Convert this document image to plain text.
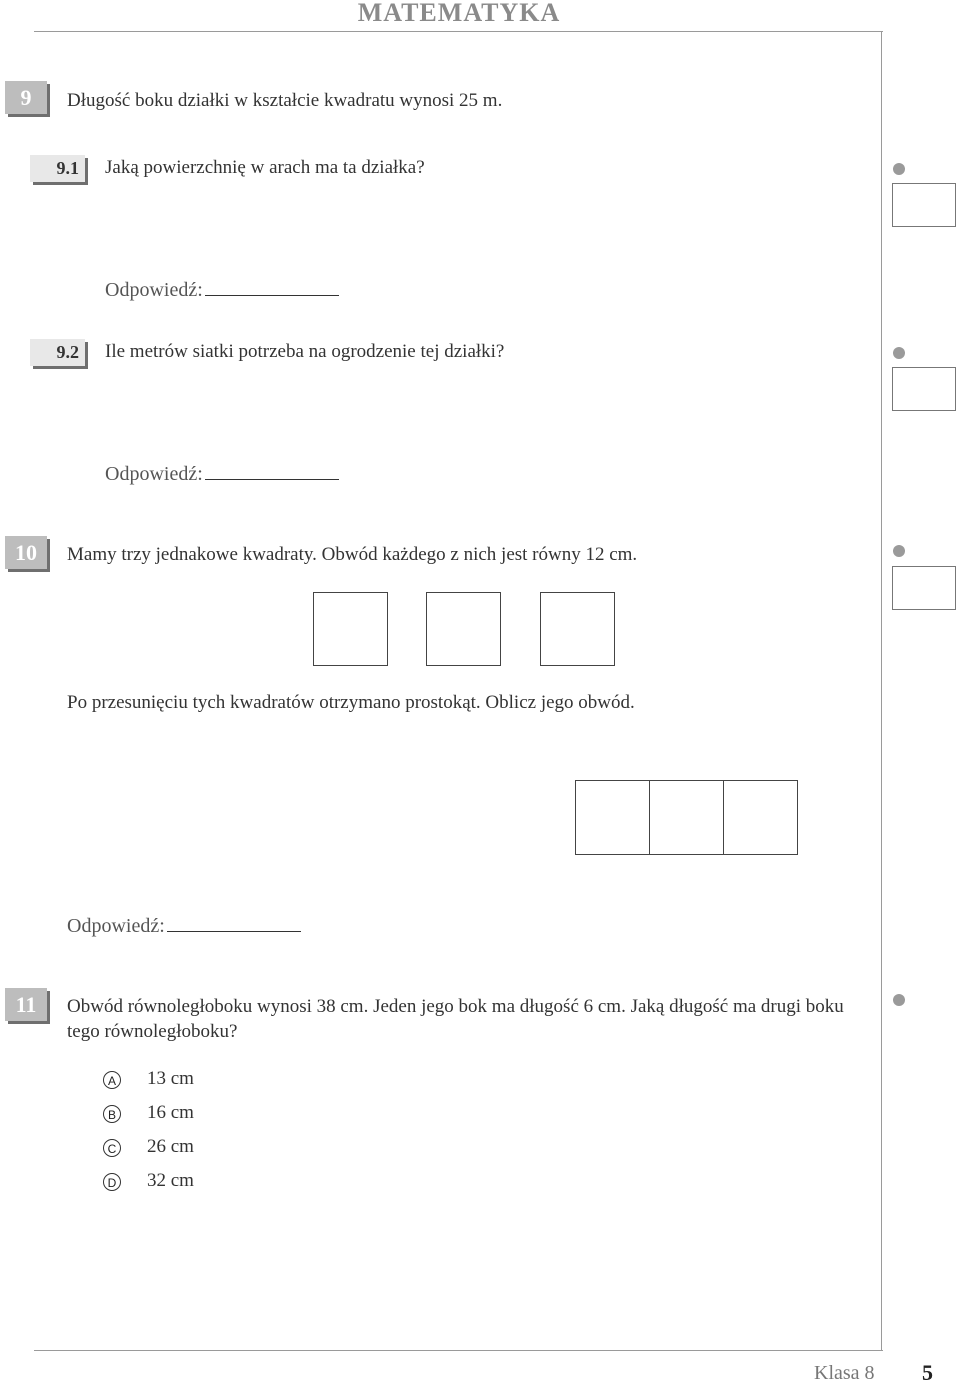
MATEMATYKA
9	Długość boku działki w kształcie kwadratu wynosi 25 m.
9.1	Jaką powierzchnię w arach ma ta działka?
Odpowiedź:
9.2	Ile metrów siatki potrzeba na ogrodzenie tej działki?
Odpowiedź:
10	Mamy trzy jednakowe kwadraty. Obwód każdego z nich jest równy 12 cm.
Po przesunięciu tych kwadratów otrzymano prostokąt. Oblicz jego obwód.
Odpowiedź:
11	Obwód równoległoboku wynosi 38 cm. Jeden jego bok ma długość 6 cm. Jaką długość ma drugi boku tego równoległoboku?
A 13 cm
B 16 cm
C 26 cm
D 32 cm
Klasa 8 5
